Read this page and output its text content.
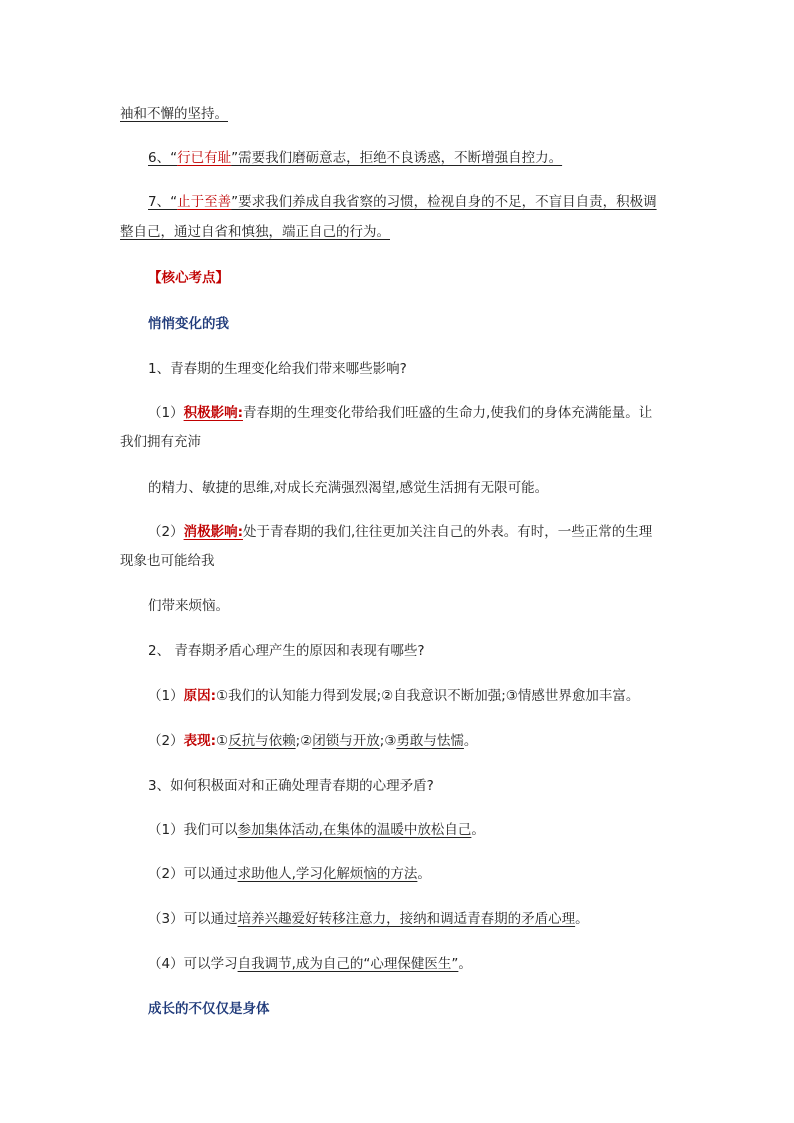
袖和不懈的坚持。
6、“行已有耻”需要我们磨砺意志，拒绝不良诱惑，不断增强自控力。
7、“止于至善”要求我们养成自我省察的习惯，检视自身的不足，不盲目自责，积极调
整自己，通过自省和慎独，端正自己的行为。
【核心考点】
悄悄变化的我
1、青春期的生理变化给我们带来哪些影响?
（1）积极影响:青春期的生理变化带给我们旺盛的生命力,使我们的身体充满能量。让
我们拥有充沛
的精力、敏捷的思维,对成长充满强烈渴望,感觉生活拥有无限可能。
（2）消极影响:处于青春期的我们,往往更加关注自己的外表。有时，一些正常的生理
现象也可能给我
们带来烦恼。
2、 青春期矛盾心理产生的原因和表现有哪些?
（1）原因:①我们的认知能力得到发展;②自我意识不断加强;③情感世界愈加丰富。
（2）表现:①反抗与依赖;②闭锁与开放;③勇敢与怯懦。
3、如何积极面对和正确处理青春期的心理矛盾?
（1）我们可以参加集体活动,在集体的温暖中放松自己。
（2）可以通过求助他人,学习化解烦恼的方法。
（3）可以通过培养兴趣爱好转移注意力，接纳和调适青春期的矛盾心理。
（4）可以学习自我调节,成为自己的“心理保健医生”。
成长的不仅仅是身体
